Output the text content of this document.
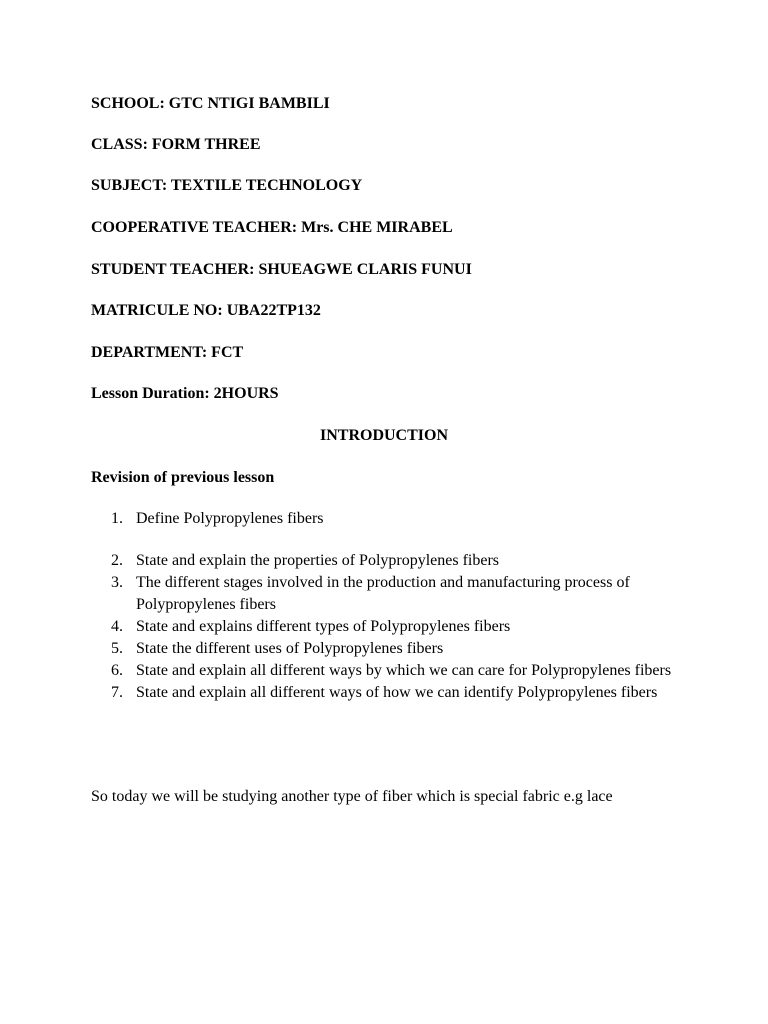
SCHOOL: GTC NTIGI BAMBILI
CLASS: FORM THREE
SUBJECT: TEXTILE TECHNOLOGY
COOPERATIVE TEACHER: Mrs. CHE MIRABEL
STUDENT TEACHER: SHUEAGWE CLARIS FUNUI
MATRICULE NO: UBA22TP132
DEPARTMENT: FCT
Lesson Duration: 2HOURS
INTRODUCTION
Revision of previous lesson
1. Define Polypropylenes fibers
2. State and explain the properties of Polypropylenes fibers
3. The different stages involved in the production and manufacturing process of Polypropylenes fibers
4. State and explains different types of Polypropylenes fibers
5. State the different uses of Polypropylenes fibers
6. State and explain all different ways by which we can care for Polypropylenes fibers
7. State and explain all different ways of how we can identify Polypropylenes fibers
So today we will be studying another type of fiber which is special fabric e.g lace
